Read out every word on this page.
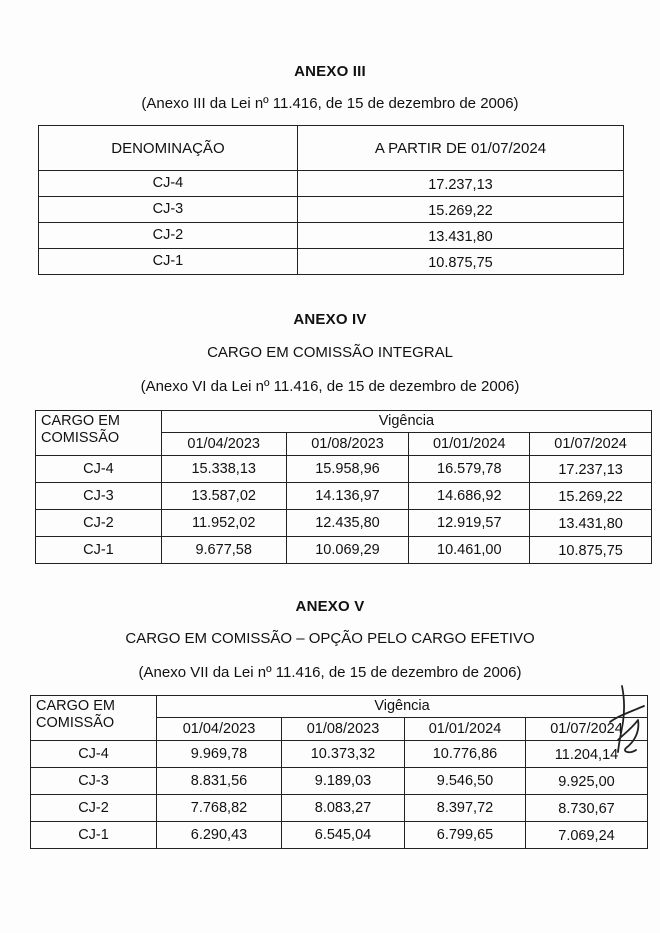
ANEXO III
(Anexo III da Lei nº 11.416, de 15 de dezembro de 2006)
DENOMINAÇÃO	A PARTIR DE 01/07/2024
CJ-4	17.237,13
CJ-3	15.269,22
CJ-2	13.431,80
CJ-1	10.875,75
ANEXO IV
CARGO EM COMISSÃO INTEGRAL
(Anexo VI da Lei nº 11.416, de 15 de dezembro de 2006)
CARGO EM
COMISSÃO	Vigência			
	01/04/2023	01/08/2023	01/01/2024	01/07/2024
CJ-4	15.338,13	15.958,96	16.579,78	17.237,13
CJ-3	13.587,02	14.136,97	14.686,92	15.269,22
CJ-2	11.952,02	12.435,80	12.919,57	13.431,80
CJ-1	9.677,58	10.069,29	10.461,00	10.875,75
ANEXO V
CARGO EM COMISSÃO – OPÇÃO PELO CARGO EFETIVO
(Anexo VII da Lei nº 11.416, de 15 de dezembro de 2006)
CARGO EM
COMISSÃO	Vigência			
	01/04/2023	01/08/2023	01/01/2024	01/07/2024
CJ-4	9.969,78	10.373,32	10.776,86	11.204,14
CJ-3	8.831,56	9.189,03	9.546,50	9.925,00
CJ-2	7.768,82	8.083,27	8.397,72	8.730,67
CJ-1	6.290,43	6.545,04	6.799,65	7.069,24
